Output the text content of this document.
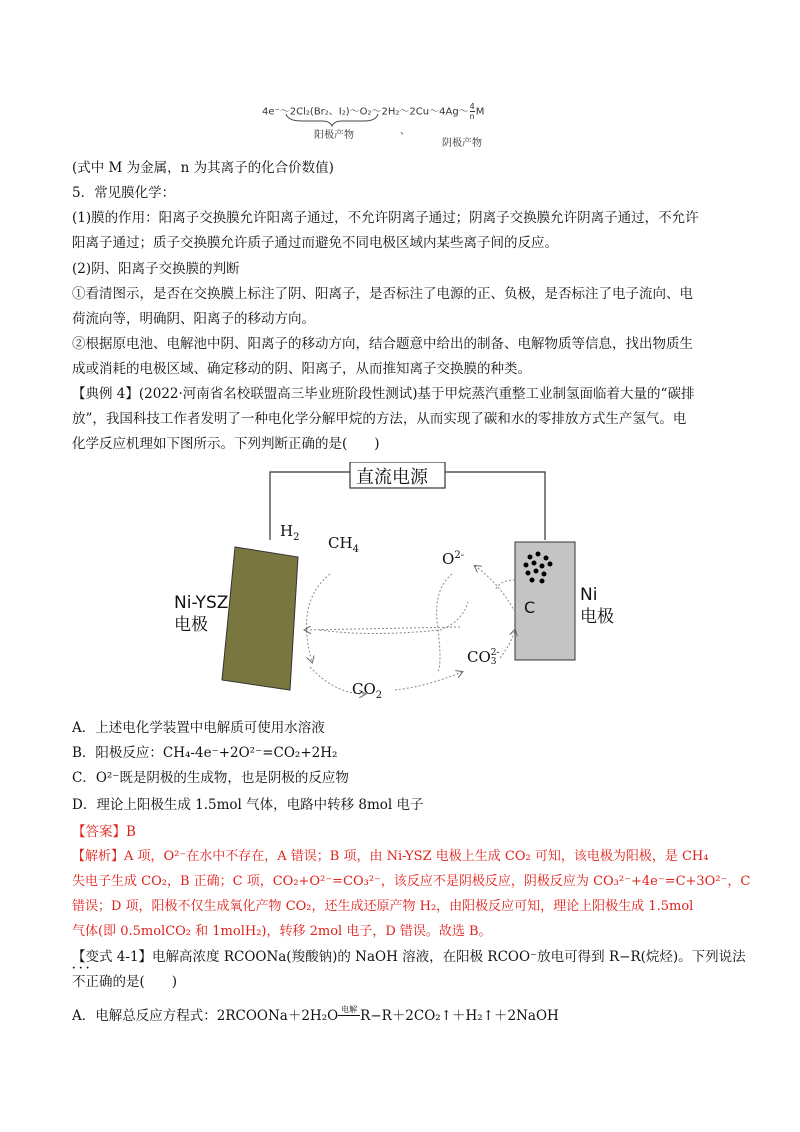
4e⁻～2Cl₂(Br₂、I₂)～O₂～2H₂～2Cu～4Ag～ $\frac{4}{n}$ M
阳极产物	、
阴极产物
(式中 M 为金属，n 为其离子的化合价数值)
5．常见膜化学：
(1)膜的作用：阳离子交换膜允许阳离子通过，不允许阴离子通过；阴离子交换膜允许阴离子通过，不允许
阳离子通过；质子交换膜允许质子通过而避免不同电极区域内某些离子间的反应。
(2)阴、阳离子交换膜的判断
①看清图示，是否在交换膜上标注了阴、阳离子，是否标注了电源的正、负极，是否标注了电子流向、电
荷流向等，明确阴、阳离子的移动方向。
②根据原电池、电解池中阴、阳离子的移动方向，结合题意中给出的制备、电解物质等信息，找出物质生
成或消耗的电极区域、确定移动的阴、阳离子，从而推知离子交换膜的种类。
【典例 4】(2022·河南省名校联盟高三毕业班阶段性测试)基于甲烷蒸汽重整工业制氢面临着大量的“碳排
放”，我国科技工作者发明了一种电化学分解甲烷的方法，从而实现了碳和水的零排放方式生产氢气。电
化学反应机理如下图所示。下列判断正确的是(　　)
直流电源
$H_2$ $CH_4$
$O^{2-}$
Ni-YSZ
电极
Ni
电极
C
CO 2-
3
$CO_2$
A．上述电化学装置中电解质可使用水溶液
B．阳极反应：CH₄-4e⁻+2O²⁻=CO₂+2H₂
C．O²⁻既是阴极的生成物，也是阴极的反应物
D．理论上阳极生成 1.5mol 气体，电路中转移 8mol 电子
【答案】B
【解析】A 项，O²⁻在水中不存在，A 错误；B 项，由 Ni-YSZ 电极上生成 CO₂ 可知，该电极为阳极，是 CH₄
失电子生成 CO₂，B 正确；C 项，CO₂+O²⁻=CO₃²⁻，该反应不是阴极反应，阴极反应为 CO₃²⁻+4e⁻=C+3O²⁻，C
错误；D 项，阳极不仅生成氧化产物 CO₂，还生成还原产物 H₂，由阳极反应可知，理论上阳极生成 1.5mol
气体(即 0.5molCO₂ 和 1molH₂)，转移 2mol 电子，D 错误。故选 B。
【变式 4-1】电解高浓度 RCOONa(羧酸钠)的 NaOH 溶液，在阳极 RCOO⁻放电可得到 R−R(烷烃)。下列说法
· · ·
不正确的是(　　)
A．电解总反应方程式：2RCOONa＋2H₂O 电解 R−R＋2CO₂↑＋H₂↑＋2NaOH
